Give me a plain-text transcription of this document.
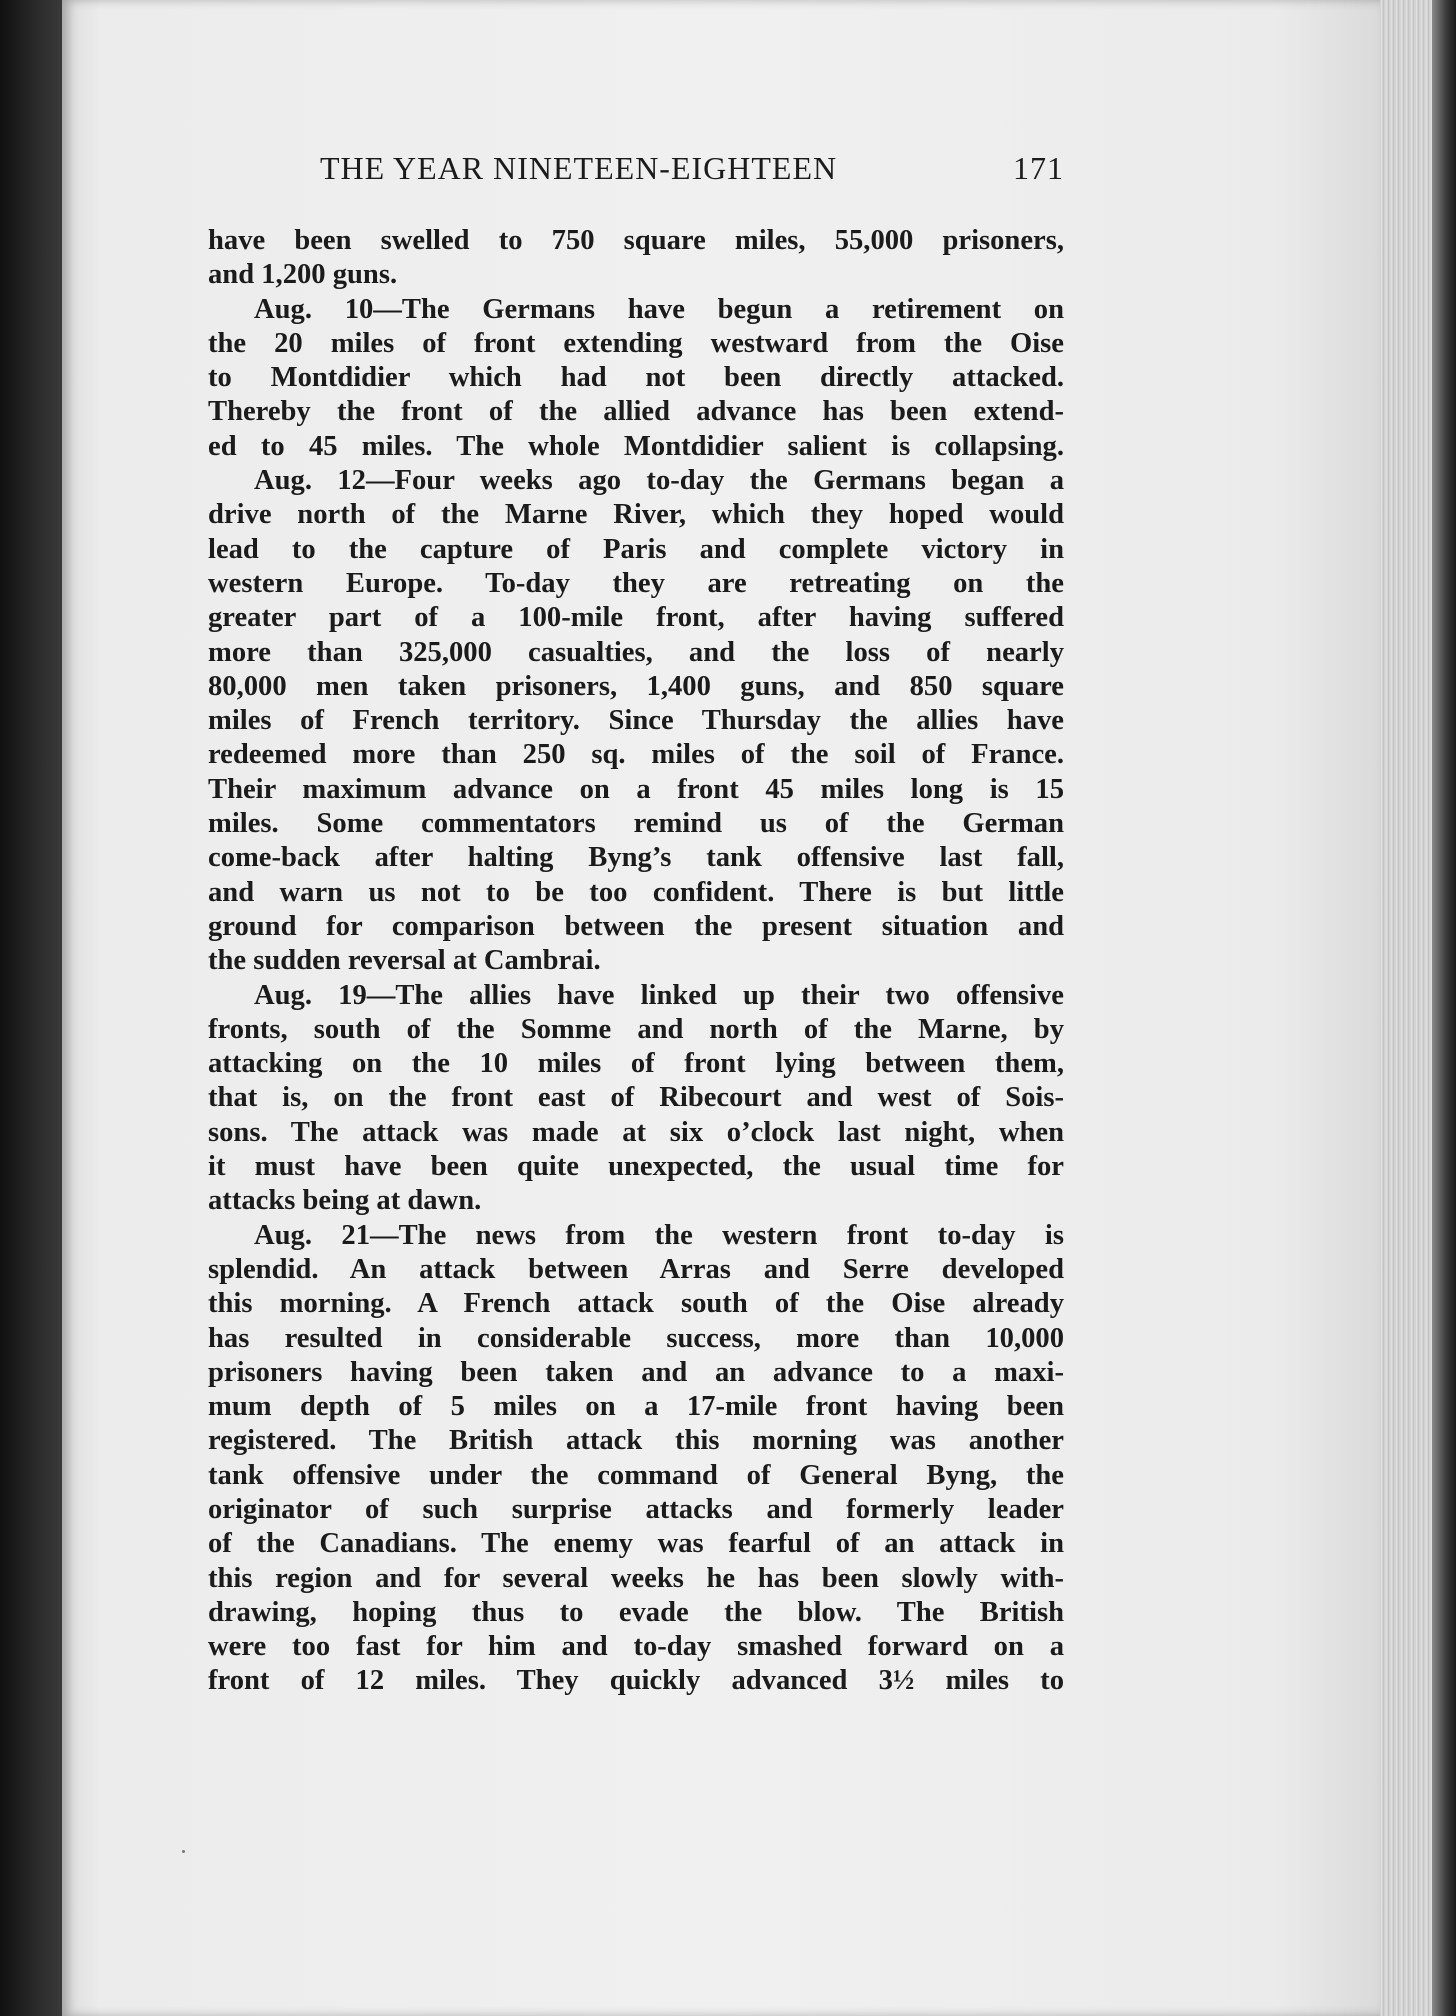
THE YEAR NINETEEN-EIGHTEEN	171
have been swelled to 750 square miles, 55,000 prisoners,
and 1,200 guns.
Aug. 10—The Germans have begun a retirement on
the 20 miles of front extending westward from the Oise
to Montdidier which had not been directly attacked.
Thereby the front of the allied advance has been extend-
ed to 45 miles. The whole Montdidier salient is collapsing.
Aug. 12—Four weeks ago to-day the Germans began a
drive north of the Marne River, which they hoped would
lead to the capture of Paris and complete victory in
western Europe. To-day they are retreating on the
greater part of a 100-mile front, after having suffered
more than 325,000 casualties, and the loss of nearly
80,000 men taken prisoners, 1,400 guns, and 850 square
miles of French territory. Since Thursday the allies have
redeemed more than 250 sq. miles of the soil of France.
Their maximum advance on a front 45 miles long is 15
miles. Some commentators remind us of the German
come-back after halting Byng’s tank offensive last fall,
and warn us not to be too confident. There is but little
ground for comparison between the present situation and
the sudden reversal at Cambrai.
Aug. 19—The allies have linked up their two offensive
fronts, south of the Somme and north of the Marne, by
attacking on the 10 miles of front lying between them,
that is, on the front east of Ribecourt and west of Sois-
sons. The attack was made at six o’clock last night, when
it must have been quite unexpected, the usual time for
attacks being at dawn.
Aug. 21—The news from the western front to-day is
splendid. An attack between Arras and Serre developed
this morning. A French attack south of the Oise already
has resulted in considerable success, more than 10,000
prisoners having been taken and an advance to a maxi-
mum depth of 5 miles on a 17-mile front having been
registered. The British attack this morning was another
tank offensive under the command of General Byng, the
originator of such surprise attacks and formerly leader
of the Canadians. The enemy was fearful of an attack in
this region and for several weeks he has been slowly with-
drawing, hoping thus to evade the blow. The British
were too fast for him and to-day smashed forward on a
front of 12 miles. They quickly advanced 3½ miles to
